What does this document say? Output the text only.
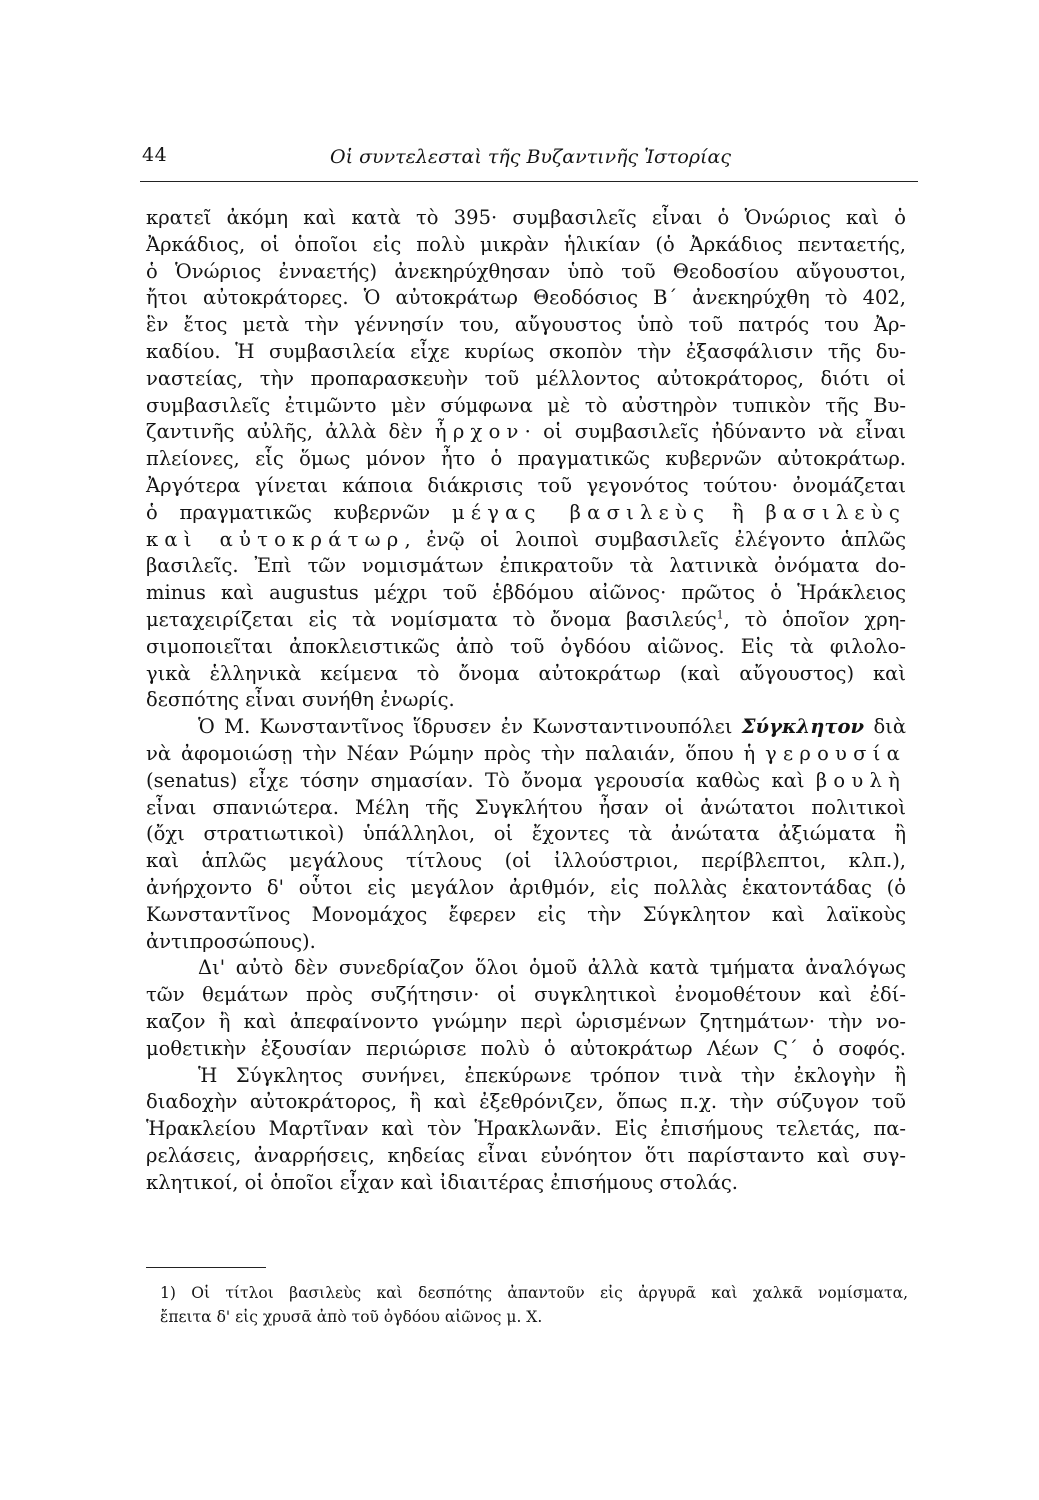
44	Οἱ συντελεσταὶ τῆς Βυζαντινῆς Ἱστορίας
κρατεῖ ἀκόμη καὶ κατὰ τὸ 395· συμβασιλεῖς εἶναι ὁ Ὁνώριος καὶ ὁ
Ἀρκάδιος, οἱ ὁποῖοι εἰς πολὺ μικρὰν ἡλικίαν (ὁ Ἀρκάδιος πενταετής,
ὁ Ὁνώριος ἐνναετής) ἀνεκηρύχθησαν ὑπὸ τοῦ Θεοδοσίου αὔγουστοι,
ἤτοι αὐτοκράτορες. Ὁ αὐτοκράτωρ Θεοδόσιος Β΄ ἀνεκηρύχθη τὸ 402,
ἓν ἔτος μετὰ τὴν γέννησίν του, αὔγουστος ὑπὸ τοῦ πατρός του Ἀρ-
καδίου. Ἡ συμβασιλεία εἶχε κυρίως σκοπὸν τὴν ἐξασφάλισιν τῆς δυ-
ναστείας, τὴν προπαρασκευὴν τοῦ μέλλοντος αὐτοκράτορος, διότι οἱ
συμβασιλεῖς ἐτιμῶντο μὲν σύμφωνα μὲ τὸ αὐστηρὸν τυπικὸν τῆς Βυ-
ζαντινῆς αὐλῆς, ἀλλὰ δὲν ἦρχον· οἱ συμβασιλεῖς ἠδύναντο νὰ εἶναι
πλείονες, εἷς ὅμως μόνον ἦτο ὁ πραγματικῶς κυβερνῶν αὐτοκράτωρ.
Ἀργότερα γίνεται κάποια διάκρισις τοῦ γεγονότος τούτου· ὀνομάζεται
ὁ πραγματικῶς κυβερνῶν μέγας βασιλεὺς ἢ βασιλεὺς
καὶ αὐτοκράτωρ, ἐνῷ οἱ λοιποὶ συμβασιλεῖς ἐλέγοντο ἁπλῶς
βασιλεῖς. Ἐπὶ τῶν νομισμάτων ἐπικρατοῦν τὰ λατινικὰ ὀνόματα do-
minus καὶ augustus μέχρι τοῦ ἑβδόμου αἰῶνος· πρῶτος ὁ Ἡράκλειος
μεταχειρίζεται εἰς τὰ νομίσματα τὸ ὄνομα βασιλεύς$^1$, τὸ ὁποῖον χρη-
σιμοποιεῖται ἀποκλειστικῶς ἀπὸ τοῦ ὀγδόου αἰῶνος. Εἰς τὰ φιλολο-
γικὰ ἑλληνικὰ κείμενα τὸ ὄνομα αὐτοκράτωρ (καὶ αὔγουστος) καὶ
δεσπότης εἶναι συνήθη ἐνωρίς.
Ὁ Μ. Κωνσταντῖνος ἵδρυσεν ἐν Κωνσταντινουπόλει Σύγκλητον διὰ
νὰ ἀφομοιώσῃ τὴν Νέαν Ρώμην πρὸς τὴν παλαιάν, ὅπου ἡ γερουσία
(senatus) εἶχε τόσην σημασίαν. Τὸ ὄνομα γερουσία καθὼς καὶ βουλὴ
εἶναι σπανιώτερα. Μέλη τῆς Συγκλήτου ἦσαν οἱ ἀνώτατοι πολιτικοὶ
(ὄχι στρατιωτικοὶ) ὑπάλληλοι, οἱ ἔχοντες τὰ ἀνώτατα ἀξιώματα ἢ
καὶ ἁπλῶς μεγάλους τίτλους (οἱ ἰλλούστριοι, περίβλεπτοι, κλπ.),
ἀνήρχοντο δ' οὗτοι εἰς μεγάλον ἀριθμόν, εἰς πολλὰς ἑκατοντάδας (ὁ
Κωνσταντῖνος Μονομάχος ἔφερεν εἰς τὴν Σύγκλητον καὶ λαϊκοὺς
ἀντιπροσώπους).
Δι' αὐτὸ δὲν συνεδρίαζον ὅλοι ὁμοῦ ἀλλὰ κατὰ τμήματα ἀναλόγως
τῶν θεμάτων πρὸς συζήτησιν· οἱ συγκλητικοὶ ἐνομοθέτουν καὶ ἐδί-
καζον ἢ καὶ ἀπεφαίνοντο γνώμην περὶ ὡρισμένων ζητημάτων· τὴν νο-
μοθετικὴν ἐξουσίαν περιώρισε πολὺ ὁ αὐτοκράτωρ Λέων Ϛ΄ ὁ σοφός.
Ἡ Σύγκλητος συνήνει, ἐπεκύρωνε τρόπον τινὰ τὴν ἐκλογὴν ἢ
διαδοχὴν αὐτοκράτορος, ἢ καὶ ἐξεθρόνιζεν, ὅπως π.χ. τὴν σύζυγον τοῦ
Ἡρακλείου Μαρτῖναν καὶ τὸν Ἡρακλωνᾶν. Εἰς ἐπισήμους τελετάς, πα-
ρελάσεις, ἀναρρήσεις, κηδείας εἶναι εὐνόητον ὅτι παρίσταντο καὶ συγ-
κλητικοί, οἱ ὁποῖοι εἶχαν καὶ ἰδιαιτέρας ἐπισήμους στολάς.
1) Οἱ τίτλοι βασιλεὺς καὶ δεσπότης ἀπαντοῦν εἰς ἀργυρᾶ καὶ χαλκᾶ νομίσματα,
ἔπειτα δ' εἰς χρυσᾶ ἀπὸ τοῦ ὀγδόου αἰῶνος μ. Χ.
